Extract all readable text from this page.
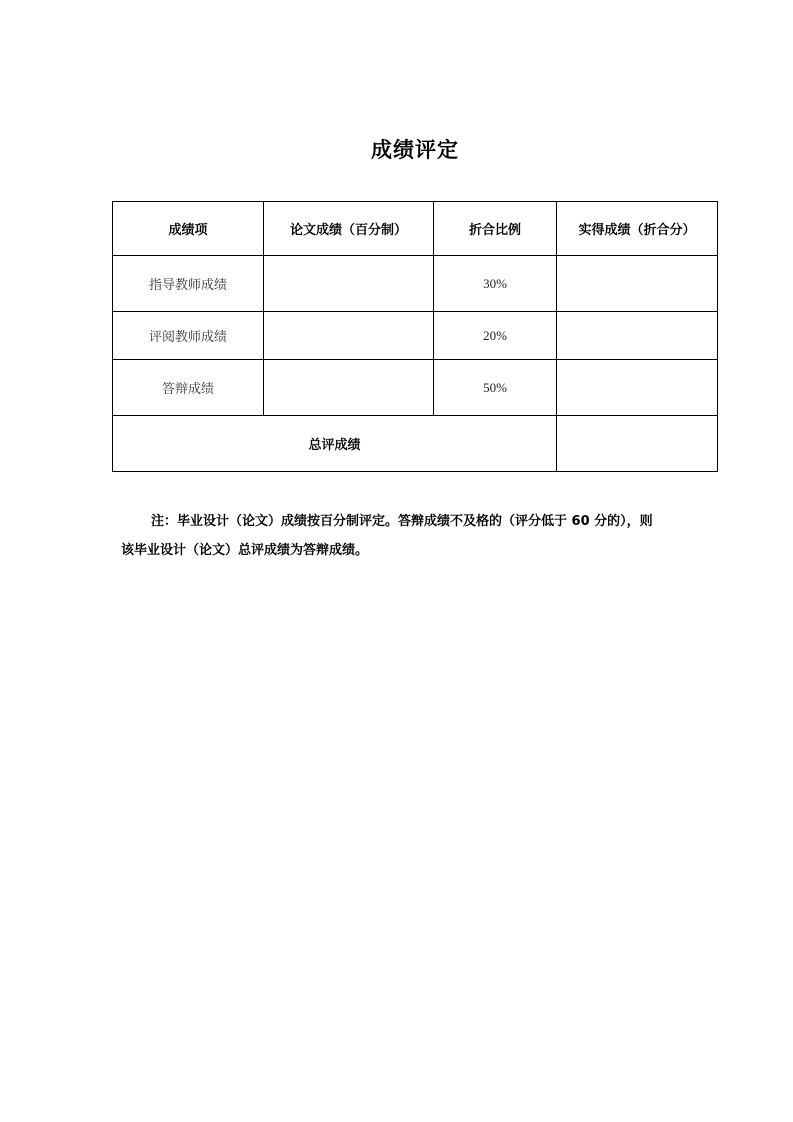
成绩评定
成绩项	论文成绩（百分制）	折合比例	实得成绩（折合分）
指导教师成绩		30%	
评阅教师成绩		20%	
答辩成绩		50%	
总评成绩			
注：毕业设计（论文）成绩按百分制评定。答辩成绩不及格的（评分低于 60 分的），则
该毕业设计（论文）总评成绩为答辩成绩。
